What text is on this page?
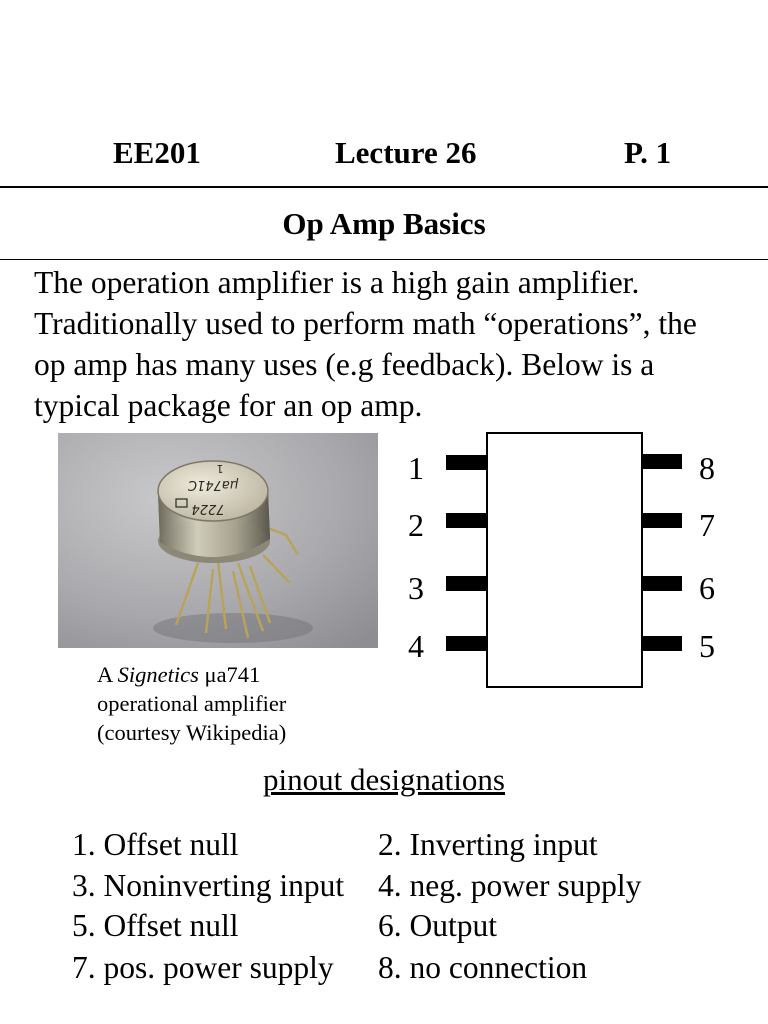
EE201	Lecture 26	P. 1
Op Amp Basics
The operation amplifier is a high gain amplifier.
Traditionally used to perform math “operations”, the
op amp has many uses (e.g feedback). Below is a
typical package for an op amp.
μa741C
7224
1
A Signetics μa741
operational amplifier
(courtesy Wikipedia)
1
2
3
4
8
7
6
5
pinout designations
1. Offset null	2. Inverting input
3. Noninverting input 4. neg. power supply
5. Offset null	6. Output
7. pos. power supply 8. no connection
